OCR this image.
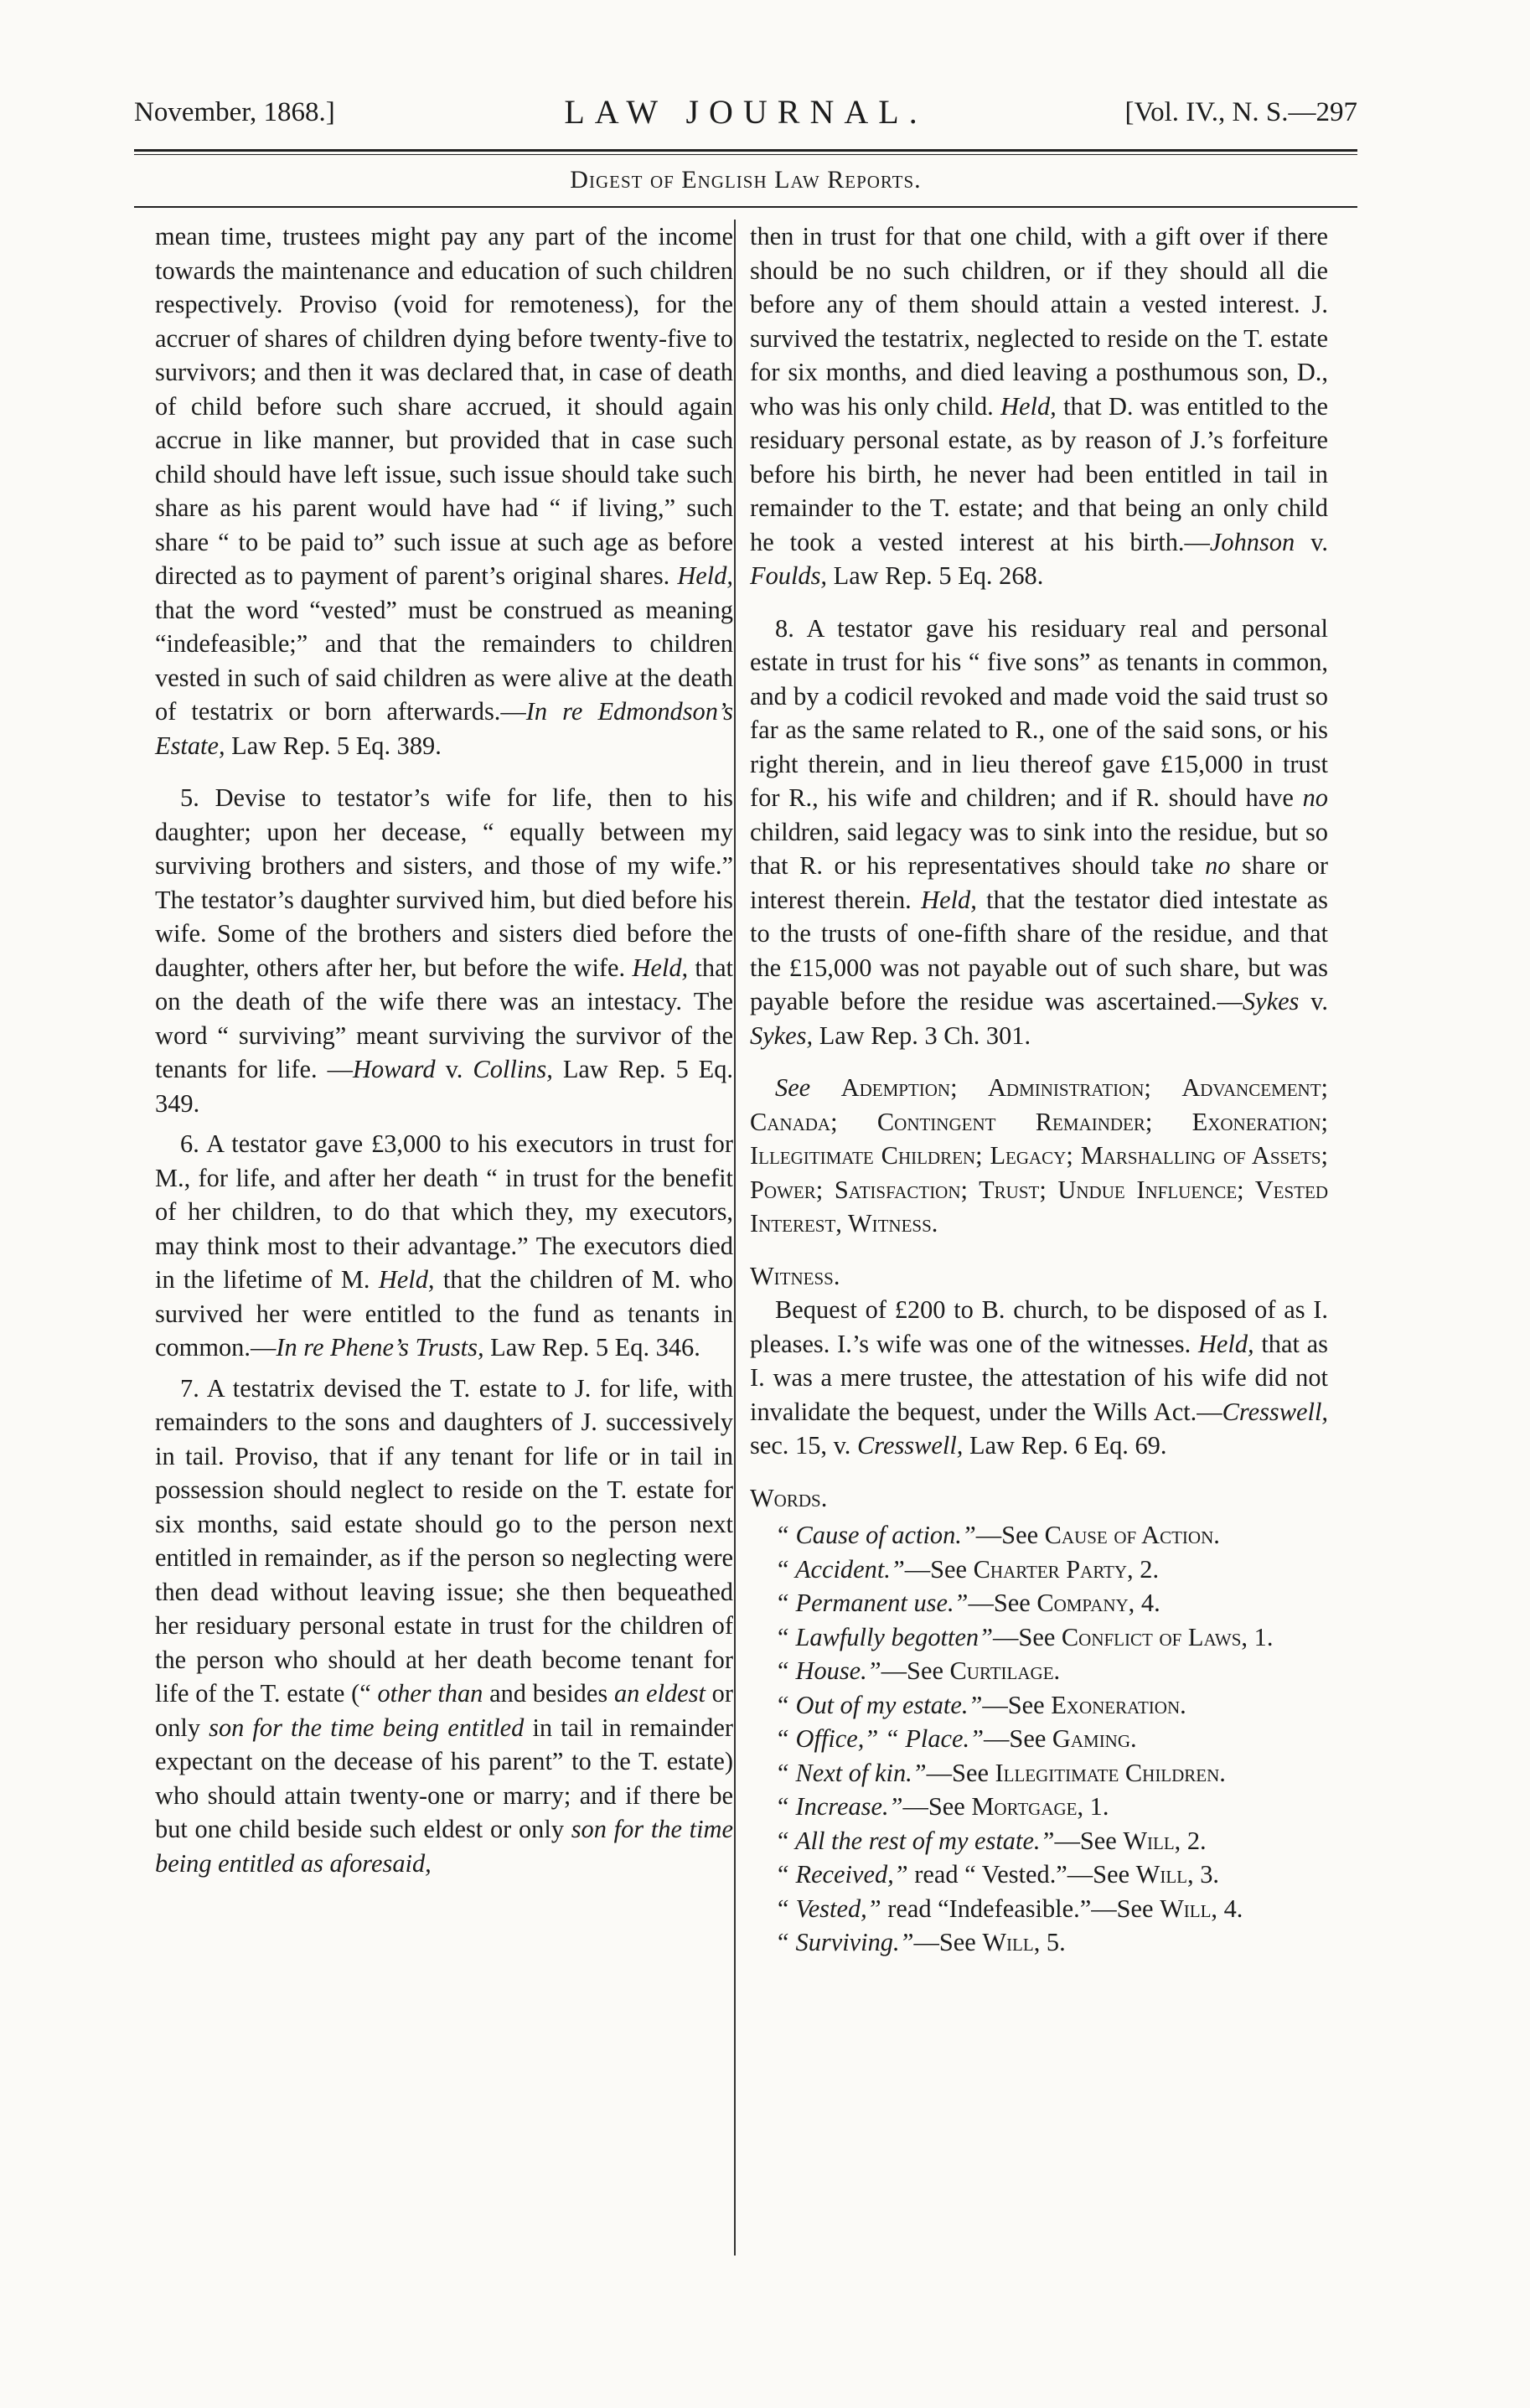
November, 1868.]	LAW JOURNAL.	[Vol. IV., N. S.—297
Digest of English Law Reports.

mean time, trustees might pay any part of the income towards the maintenance and education of such children respectively. Proviso (void for remoteness), for the accruer of shares of children dying before twenty-five to survivors; and then it was declared that, in case of death of child before such share accrued, it should again accrue in like manner, but provided that in case such child should have left issue, such issue should take such share as his parent would have had “ if living,” such share “ to be paid to” such issue at such age as before directed as to payment of parent’s original shares. Held, that the word “vested” must be construed as meaning “indefeasible;” and that the remainders to children vested in such of said children as were alive at the death of testatrix or born afterwards.—In re Edmondson’s Estate, Law Rep. 5 Eq. 389.

5. Devise to testator’s wife for life, then to his daughter; upon her decease, “ equally between my surviving brothers and sisters, and those of my wife.” The testator’s daughter survived him, but died before his wife. Some of the brothers and sisters died before the daughter, others after her, but before the wife. Held, that on the death of the wife there was an intestacy. The word “ surviving” meant surviving the survivor of the tenants for life. —Howard v. Collins, Law Rep. 5 Eq. 349.

6. A testator gave £3,000 to his executors in trust for M., for life, and after her death “ in trust for the benefit of her children, to do that which they, my executors, may think most to their advantage.” The executors died in the lifetime of M. Held, that the children of M. who survived her were entitled to the fund as tenants in common.—In re Phene’s Trusts, Law Rep. 5 Eq. 346.

7. A testatrix devised the T. estate to J. for life, with remainders to the sons and daughters of J. successively in tail. Proviso, that if any tenant for life or in tail in possession should neglect to reside on the T. estate for six months, said estate should go to the person next entitled in remainder, as if the person so neglecting were then dead without leaving issue; she then bequeathed her residuary personal estate in trust for the children of the person who should at her death become tenant for life of the T. estate (“ other than and besides an eldest or only son for the time being entitled in tail in remainder expectant on the decease of his parent” to the T. estate) who should attain twenty-one or marry; and if there be but one child beside such eldest or only son for the time being entitled as aforesaid,

then in trust for that one child, with a gift over if there should be no such children, or if they should all die before any of them should attain a vested interest. J. survived the testatrix, neglected to reside on the T. estate for six months, and died leaving a posthumous son, D., who was his only child. Held, that D. was entitled to the residuary personal estate, as by reason of J.’s forfeiture before his birth, he never had been entitled in tail in remainder to the T. estate; and that being an only child he took a vested interest at his birth.—Johnson v. Foulds, Law Rep. 5 Eq. 268.

8. A testator gave his residuary real and personal estate in trust for his “ five sons” as tenants in common, and by a codicil revoked and made void the said trust so far as the same related to R., one of the said sons, or his right therein, and in lieu thereof gave £15,000 in trust for R., his wife and children; and if R. should have no children, said legacy was to sink into the residue, but so that R. or his representatives should take no share or interest therein. Held, that the testator died intestate as to the trusts of one-fifth share of the residue, and that the £15,000 was not payable out of such share, but was payable before the residue was ascertained.—Sykes v. Sykes, Law Rep. 3 Ch. 301.

See Ademption; Administration; Advancement; Canada; Contingent Remainder; Exoneration; Illegitimate Children; Legacy; Marshalling of Assets; Power; Satisfaction; Trust; Undue Influence; Vested Interest, Witness.

Witness.

Bequest of £200 to B. church, to be disposed of as I. pleases. I.’s wife was one of the witnesses. Held, that as I. was a mere trustee, the attestation of his wife did not invalidate the bequest, under the Wills Act.—Cresswell, sec. 15, v. Cresswell, Law Rep. 6 Eq. 69.

Words.
“ Cause of action.”—See Cause of Action.
“ Accident.”—See Charter Party, 2.
“ Permanent use.”—See Company, 4.
“ Lawfully begotten”—See Conflict of Laws, 1.
“ House.”—See Curtilage.
“ Out of my estate.”—See Exoneration.
“ Office,” “ Place.”—See Gaming.
“ Next of kin.”—See Illegitimate Children.
“ Increase.”—See Mortgage, 1.
“ All the rest of my estate.”—See Will, 2.
“ Received,” read “ Vested.”—See Will, 3.
“ Vested,” read “Indefeasible.”—See Will, 4.
“ Surviving.”—See Will, 5.
